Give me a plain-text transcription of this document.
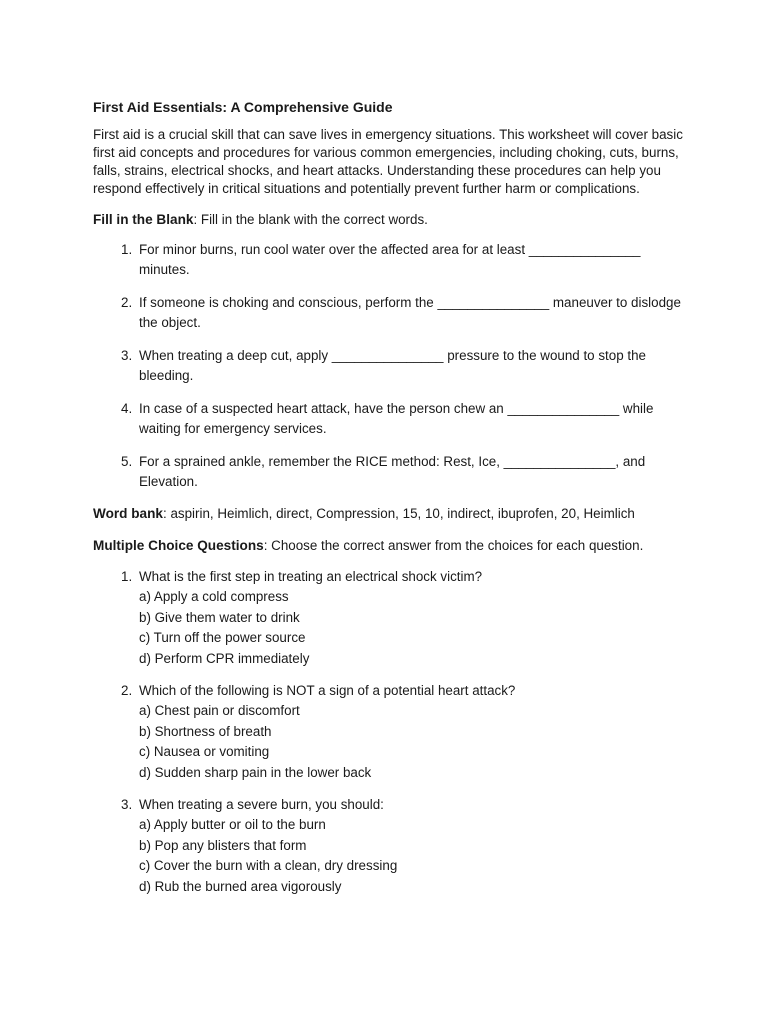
First Aid Essentials: A Comprehensive Guide

First aid is a crucial skill that can save lives in emergency situations. This worksheet will cover basic first aid concepts and procedures for various common emergencies, including choking, cuts, burns, falls, strains, electrical shocks, and heart attacks. Understanding these procedures can help you respond effectively in critical situations and potentially prevent further harm or complications.

Fill in the Blank: Fill in the blank with the correct words.
1. For minor burns, run cool water over the affected area for at least _______________ minutes.
2. If someone is choking and conscious, perform the _______________ maneuver to dislodge the object.
3. When treating a deep cut, apply _______________ pressure to the wound to stop the bleeding.
4. In case of a suspected heart attack, have the person chew an _______________ while waiting for emergency services.
5. For a sprained ankle, remember the RICE method: Rest, Ice, _______________, and Elevation.
Word bank: aspirin, Heimlich, direct, Compression, 15, 10, indirect, ibuprofen, 20, Heimlich
Multiple Choice Questions: Choose the correct answer from the choices for each question.
1. What is the first step in treating an electrical shock victim?
a) Apply a cold compress
b) Give them water to drink
c) Turn off the power source
d) Perform CPR immediately
2. Which of the following is NOT a sign of a potential heart attack?
a) Chest pain or discomfort
b) Shortness of breath
c) Nausea or vomiting
d) Sudden sharp pain in the lower back
3. When treating a severe burn, you should:
a) Apply butter or oil to the burn
b) Pop any blisters that form
c) Cover the burn with a clean, dry dressing
d) Rub the burned area vigorously
